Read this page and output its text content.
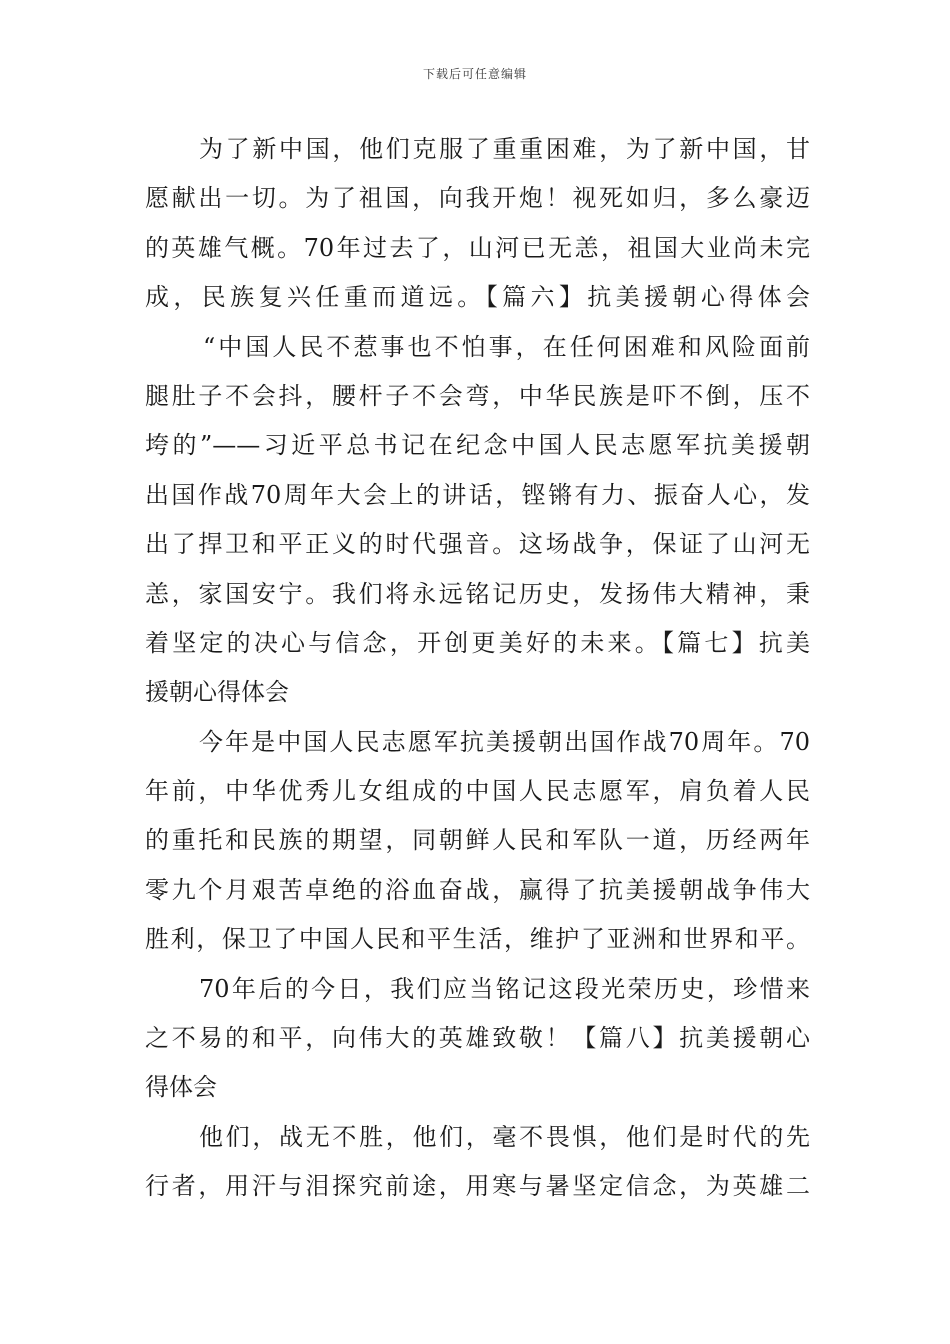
下载后可任意编辑
为了新中国，他们克服了重重困难，为了新中国，甘
愿献出一切。为了祖国，向我开炮！视死如归，多么豪迈
的英雄气概。70年过去了，山河已无恙，祖国大业尚未完
成，民族复兴任重而道远。【篇六】抗美援朝心得体会
“中国人民不惹事也不怕事，在任何困难和风险面前
腿肚子不会抖，腰杆子不会弯，中华民族是吓不倒，压不
垮的”——习近平总书记在纪念中国人民志愿军抗美援朝
出国作战70周年大会上的讲话，铿锵有力、振奋人心，发
出了捍卫和平正义的时代强音。这场战争，保证了山河无
恙，家国安宁。我们将永远铭记历史，发扬伟大精神，秉
着坚定的决心与信念，开创更美好的未来。【篇七】抗美
援朝心得体会
今年是中国人民志愿军抗美援朝出国作战70周年。70
年前，中华优秀儿女组成的中国人民志愿军，肩负着人民
的重托和民族的期望，同朝鲜人民和军队一道，历经两年
零九个月艰苦卓绝的浴血奋战，赢得了抗美援朝战争伟大
胜利，保卫了中国人民和平生活，维护了亚洲和世界和平。
70年后的今日，我们应当铭记这段光荣历史，珍惜来
之不易的和平，向伟大的英雄致敬！【篇八】抗美援朝心
得体会
他们，战无不胜，他们，毫不畏惧，他们是时代的先
行者，用汗与泪探究前途，用寒与暑坚定信念，为英雄二
